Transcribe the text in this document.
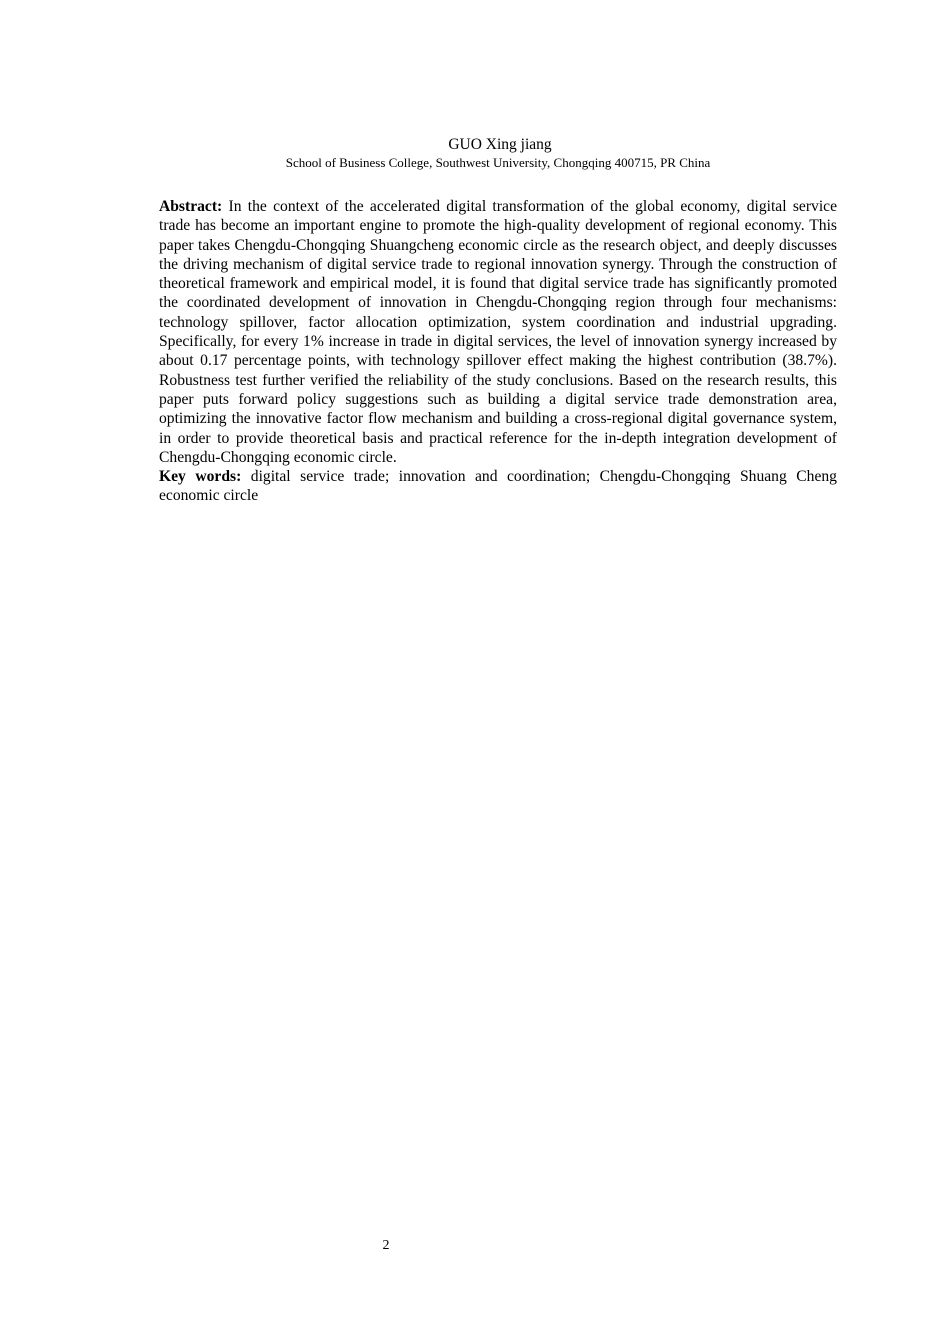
GUO Xing jiang
School of Business College, Southwest University, Chongqing 400715, PR China

Abstract: In the context of the accelerated digital transformation of the global economy, digital service trade has become an important engine to promote the high-quality development of regional economy. This paper takes Chengdu-Chongqing Shuangcheng economic circle as the research object, and deeply discusses the driving mechanism of digital service trade to regional innovation synergy. Through the construction of theoretical framework and empirical model, it is found that digital service trade has significantly promoted the coordinated development of innovation in Chengdu-Chongqing region through four mechanisms: technology spillover, factor allocation optimization, system coordination and industrial upgrading. Specifically, for every 1% increase in trade in digital services, the level of innovation synergy increased by about 0.17 percentage points, with technology spillover effect making the highest contribution (38.7%). Robustness test further verified the reliability of the study conclusions. Based on the research results, this paper puts forward policy suggestions such as building a digital service trade demonstration area, optimizing the innovative factor flow mechanism and building a cross-regional digital governance system, in order to provide theoretical basis and practical reference for the in-depth integration development of Chengdu-Chongqing economic circle.

Key words: digital service trade; innovation and coordination; Chengdu-Chongqing Shuang Cheng economic circle

2
